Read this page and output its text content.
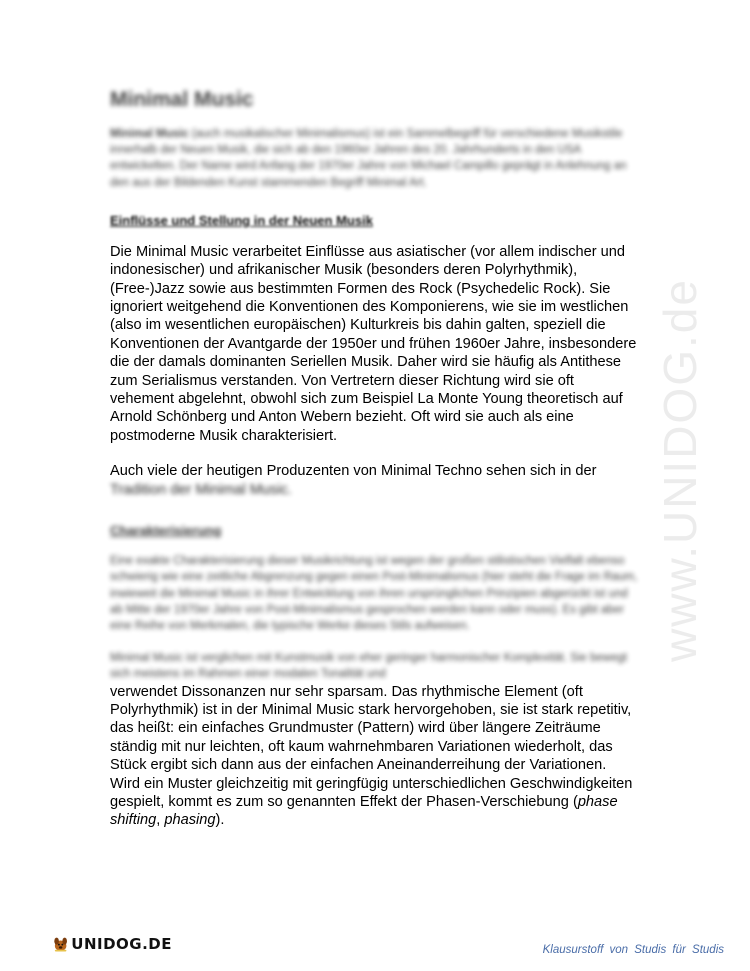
www.UNIDOG.de
Minimal Music

Minimal Music (auch musikalischer Minimalismus) ist ein Sammelbegriff für verschiedene Musikstile innerhalb der Neuen Musik, die sich ab den 1960er Jahren des 20. Jahrhunderts in den USA entwickelten. Der Name wird Anfang der 1970er Jahre von Michael Campillo geprägt in Anlehnung an den aus der Bildenden Kunst stammenden Begriff Minimal Art.

Einflüsse und Stellung in der Neuen Musik

Die Minimal Music verarbeitet Einflüsse aus asiatischer (vor allem indischer und indonesischer) und afrikanischer Musik (besonders deren Polyrhythmik), (Free-)Jazz sowie aus bestimmten Formen des Rock (Psychedelic Rock). Sie ignoriert weitgehend die Konventionen des Komponierens, wie sie im westlichen (also im wesentlichen europäischen) Kulturkreis bis dahin galten, speziell die Konventionen der Avantgarde der 1950er und frühen 1960er Jahre, insbesondere die der damals dominanten Seriellen Musik. Daher wird sie häufig als Antithese zum Serialismus verstanden. Von Vertretern dieser Richtung wird sie oft vehement abgelehnt, obwohl sich zum Beispiel La Monte Young theoretisch auf Arnold Schönberg und Anton Webern bezieht. Oft wird sie auch als eine postmoderne Musik charakterisiert.

Auch viele der heutigen Produzenten von Minimal Techno sehen sich in der
Tradition der Minimal Music.

Charakterisierung

Eine exakte Charakterisierung dieser Musikrichtung ist wegen der großen stilistischen Vielfalt ebenso schwierig wie eine zeitliche Abgrenzung gegen einen Post-Minimalismus (hier steht die Frage im Raum, inwieweit die Minimal Music in ihrer Entwicklung von ihren ursprünglichen Prinzipien abgerückt ist und ab Mitte der 1970er Jahre von Post-Minimalismus gesprochen werden kann oder muss). Es gibt aber eine Reihe von Merkmalen, die typische Werke dieses Stils aufweisen.

Minimal Music ist verglichen mit Kunstmusik von eher geringer harmonischer Komplexität. Sie bewegt sich meistens im Rahmen einer modalen Tonalität und

verwendet Dissonanzen nur sehr sparsam. Das rhythmische Element (oft Polyrhythmik) ist in der Minimal Music stark hervorgehoben, sie ist stark repetitiv, das heißt: ein einfaches Grundmuster (Pattern) wird über längere Zeiträume ständig mit nur leichten, oft kaum wahrnehmbaren Variationen wiederholt, das Stück ergibt sich dann aus der einfachen Aneinanderreihung der Variationen. Wird ein Muster gleichzeitig mit geringfügig unterschiedlichen Geschwindigkeiten gespielt, kommt es zum so genannten Effekt der Phasen-Verschiebung (phase shifting, phasing).

UNIDOG.DE	Klausurstoff von Studis für Studis
